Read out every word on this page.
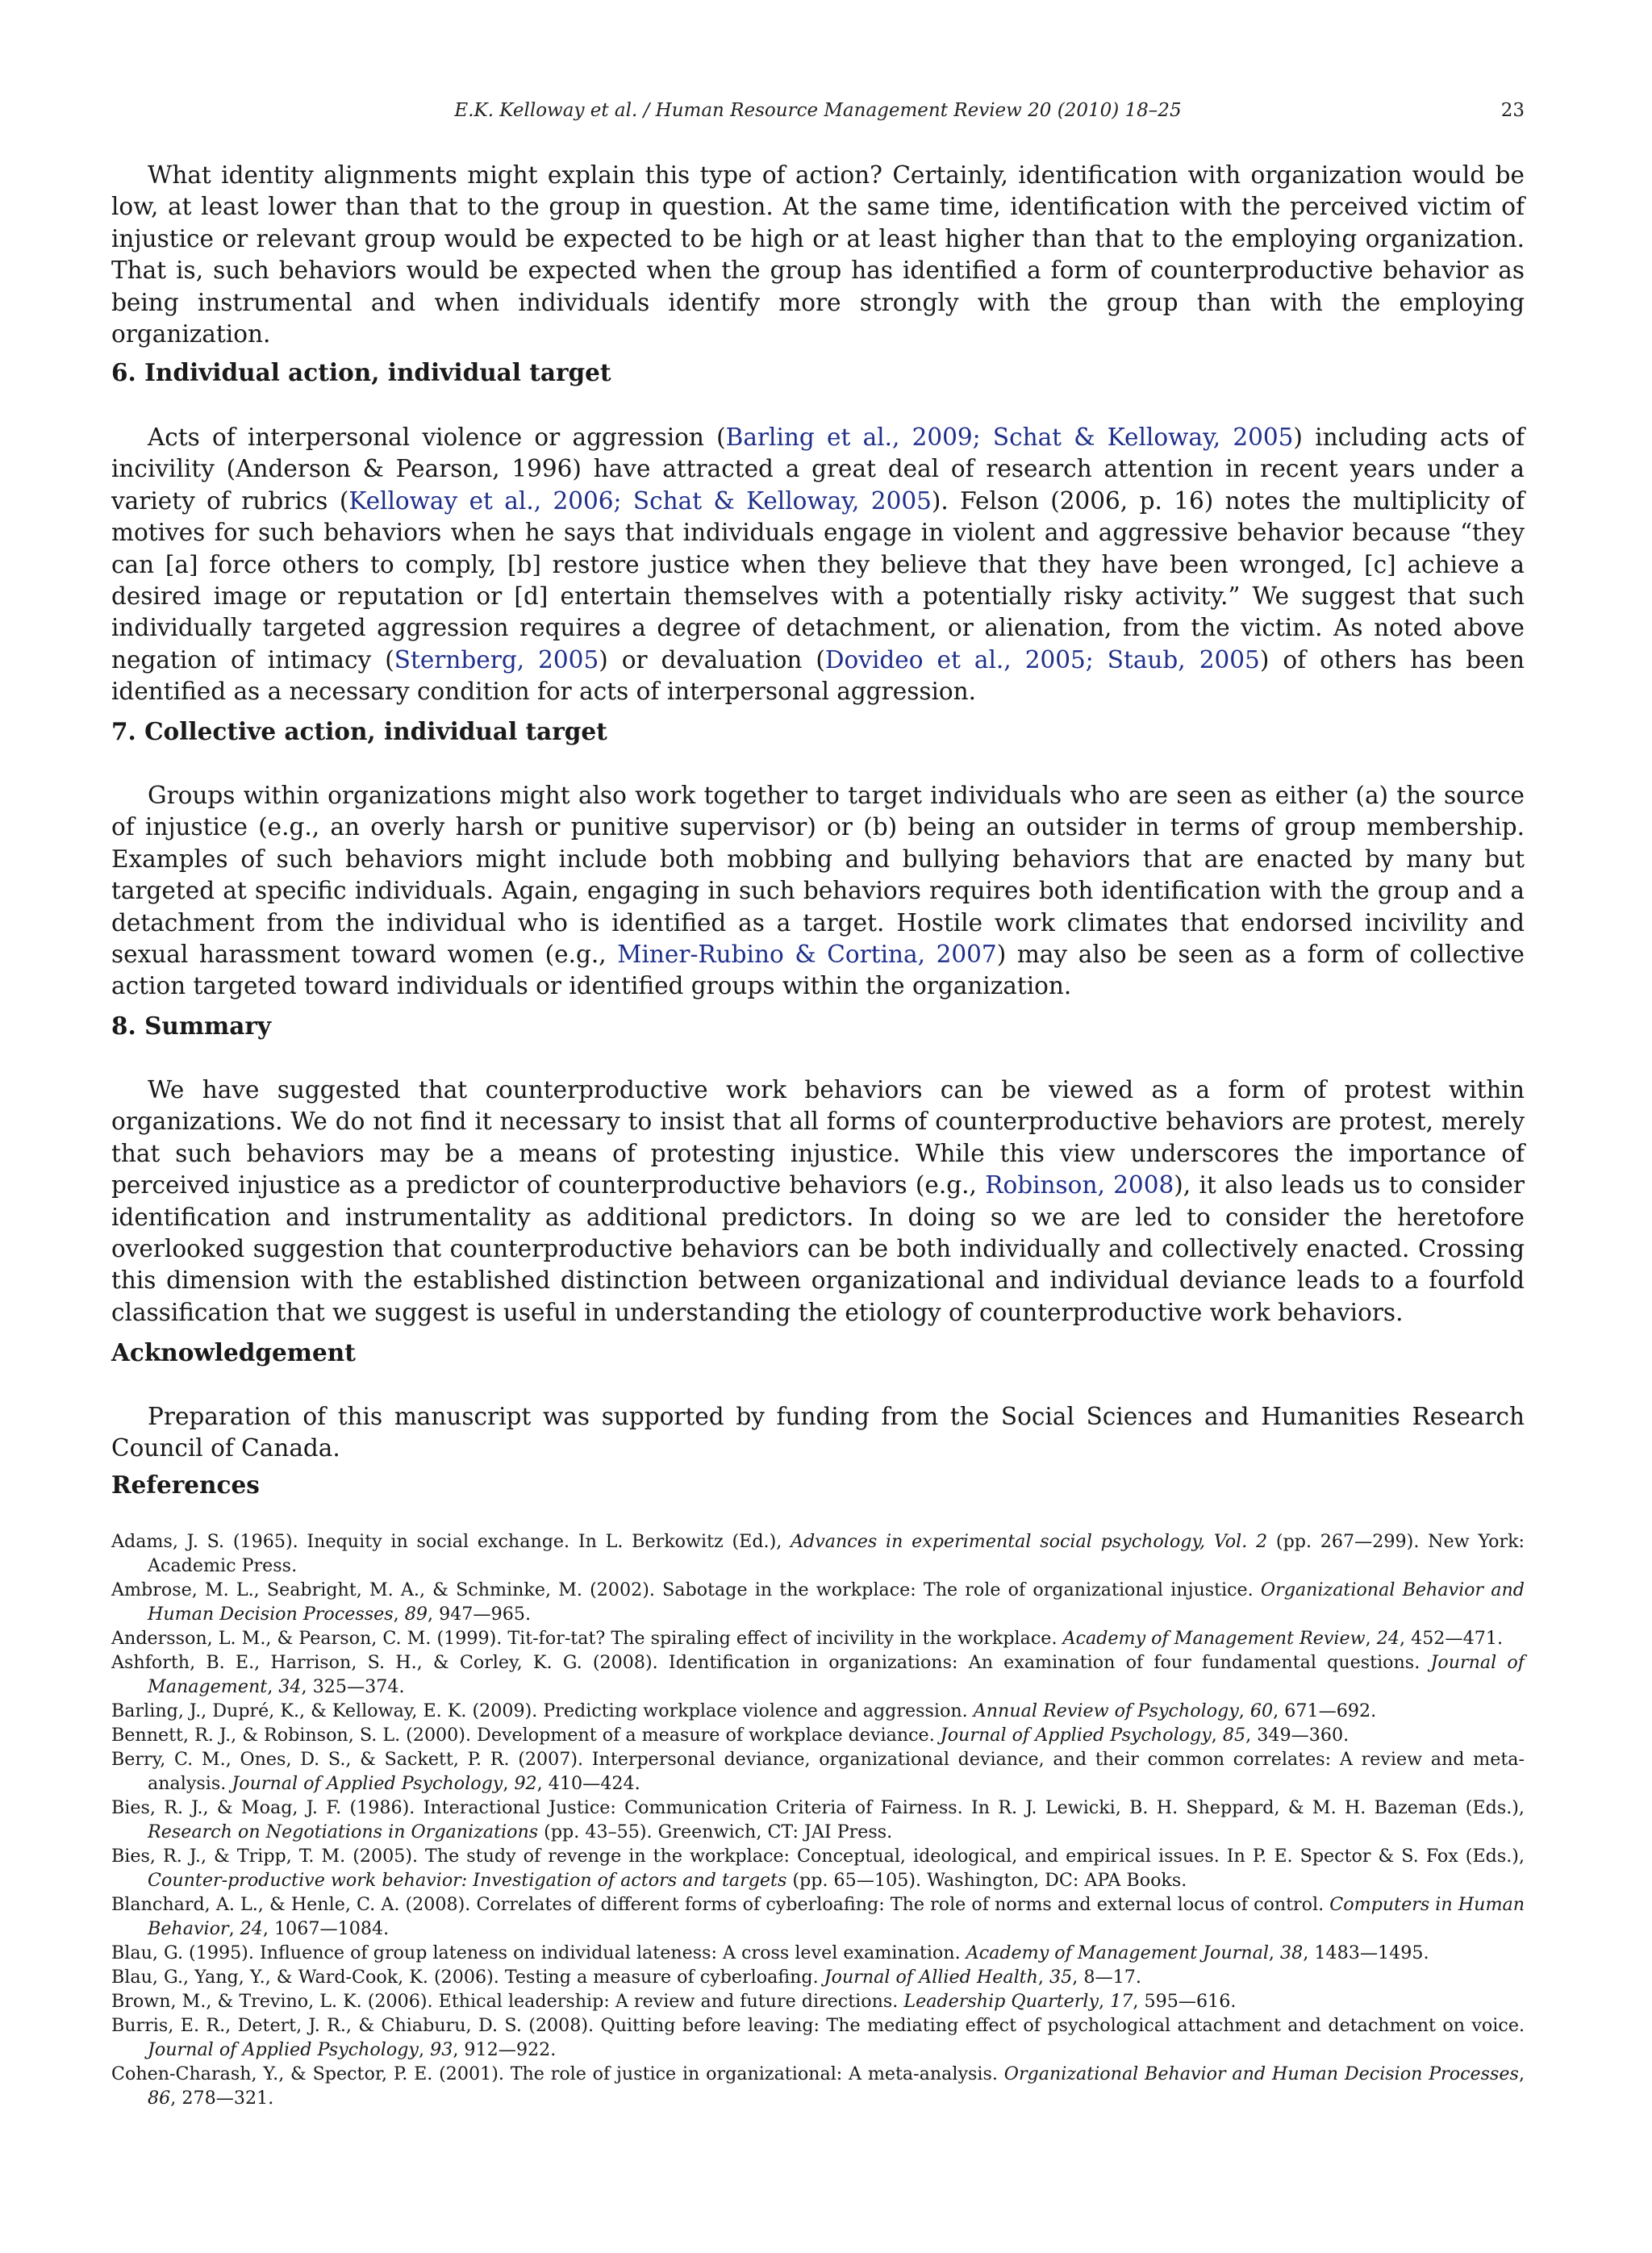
E.K. Kelloway et al. / Human Resource Management Review 20 (2010) 18–25	23

What identity alignments might explain this type of action? Certainly, identification with organization would be low, at least lower than that to the group in question. At the same time, identification with the perceived victim of injustice or relevant group would be expected to be high or at least higher than that to the employing organization. That is, such behaviors would be expected when the group has identified a form of counterproductive behavior as being instrumental and when individuals identify more strongly with the group than with the employing organization.

6. Individual action, individual target

Acts of interpersonal violence or aggression (Barling et al., 2009; Schat & Kelloway, 2005) including acts of incivility (Anderson & Pearson, 1996) have attracted a great deal of research attention in recent years under a variety of rubrics (Kelloway et al., 2006; Schat & Kelloway, 2005). Felson (2006, p. 16) notes the multiplicity of motives for such behaviors when he says that individuals engage in violent and aggressive behavior because “they can [a] force others to comply, [b] restore justice when they believe that they have been wronged, [c] achieve a desired image or reputation or [d] entertain themselves with a potentially risky activity.” We suggest that such individually targeted aggression requires a degree of detachment, or alienation, from the victim. As noted above negation of intimacy (Sternberg, 2005) or devaluation (Dovideo et al., 2005; Staub, 2005) of others has been identified as a necessary condition for acts of interpersonal aggression.

7. Collective action, individual target

Groups within organizations might also work together to target individuals who are seen as either (a) the source of injustice (e.g., an overly harsh or punitive supervisor) or (b) being an outsider in terms of group membership. Examples of such behaviors might include both mobbing and bullying behaviors that are enacted by many but targeted at specific individuals. Again, engaging in such behaviors requires both identification with the group and a detachment from the individual who is identified as a target. Hostile work climates that endorsed incivility and sexual harassment toward women (e.g., Miner-Rubino & Cortina, 2007) may also be seen as a form of collective action targeted toward individuals or identified groups within the organization.

8. Summary

We have suggested that counterproductive work behaviors can be viewed as a form of protest within organizations. We do not find it necessary to insist that all forms of counterproductive behaviors are protest, merely that such behaviors may be a means of protesting injustice. While this view underscores the importance of perceived injustice as a predictor of counterproductive behaviors (e.g., Robinson, 2008), it also leads us to consider identification and instrumentality as additional predictors. In doing so we are led to consider the heretofore overlooked suggestion that counterproductive behaviors can be both individually and collectively enacted. Crossing this dimension with the established distinction between organizational and individual deviance leads to a fourfold classification that we suggest is useful in understanding the etiology of counterproductive work behaviors.

Acknowledgement

Preparation of this manuscript was supported by funding from the Social Sciences and Humanities Research Council of Canada.

References

Adams, J. S. (1965). Inequity in social exchange. In L. Berkowitz (Ed.), Advances in experimental social psychology, Vol. 2 (pp. 267—299). New York: Academic Press.

Ambrose, M. L., Seabright, M. A., & Schminke, M. (2002). Sabotage in the workplace: The role of organizational injustice. Organizational Behavior and Human Decision Processes, 89, 947—965.

Andersson, L. M., & Pearson, C. M. (1999). Tit-for-tat? The spiraling effect of incivility in the workplace. Academy of Management Review, 24, 452—471.

Ashforth, B. E., Harrison, S. H., & Corley, K. G. (2008). Identification in organizations: An examination of four fundamental questions. Journal of Management, 34, 325—374.

Barling, J., Dupré, K., & Kelloway, E. K. (2009). Predicting workplace violence and aggression. Annual Review of Psychology, 60, 671—692.

Bennett, R. J., & Robinson, S. L. (2000). Development of a measure of workplace deviance. Journal of Applied Psychology, 85, 349—360.

Berry, C. M., Ones, D. S., & Sackett, P. R. (2007). Interpersonal deviance, organizational deviance, and their common correlates: A review and meta-analysis. Journal of Applied Psychology, 92, 410—424.

Bies, R. J., & Moag, J. F. (1986). Interactional Justice: Communication Criteria of Fairness. In R. J. Lewicki, B. H. Sheppard, & M. H. Bazeman (Eds.), Research on Negotiations in Organizations (pp. 43–55). Greenwich, CT: JAI Press.

Bies, R. J., & Tripp, T. M. (2005). The study of revenge in the workplace: Conceptual, ideological, and empirical issues. In P. E. Spector & S. Fox (Eds.), Counter-productive work behavior: Investigation of actors and targets (pp. 65—105). Washington, DC: APA Books.

Blanchard, A. L., & Henle, C. A. (2008). Correlates of different forms of cyberloafing: The role of norms and external locus of control. Computers in Human Behavior, 24, 1067—1084.

Blau, G. (1995). Influence of group lateness on individual lateness: A cross level examination. Academy of Management Journal, 38, 1483—1495.

Blau, G., Yang, Y., & Ward-Cook, K. (2006). Testing a measure of cyberloafing. Journal of Allied Health, 35, 8—17.

Brown, M., & Trevino, L. K. (2006). Ethical leadership: A review and future directions. Leadership Quarterly, 17, 595—616.

Burris, E. R., Detert, J. R., & Chiaburu, D. S. (2008). Quitting before leaving: The mediating effect of psychological attachment and detachment on voice. Journal of Applied Psychology, 93, 912—922.

Cohen-Charash, Y., & Spector, P. E. (2001). The role of justice in organizational: A meta-analysis. Organizational Behavior and Human Decision Processes, 86, 278—321.
